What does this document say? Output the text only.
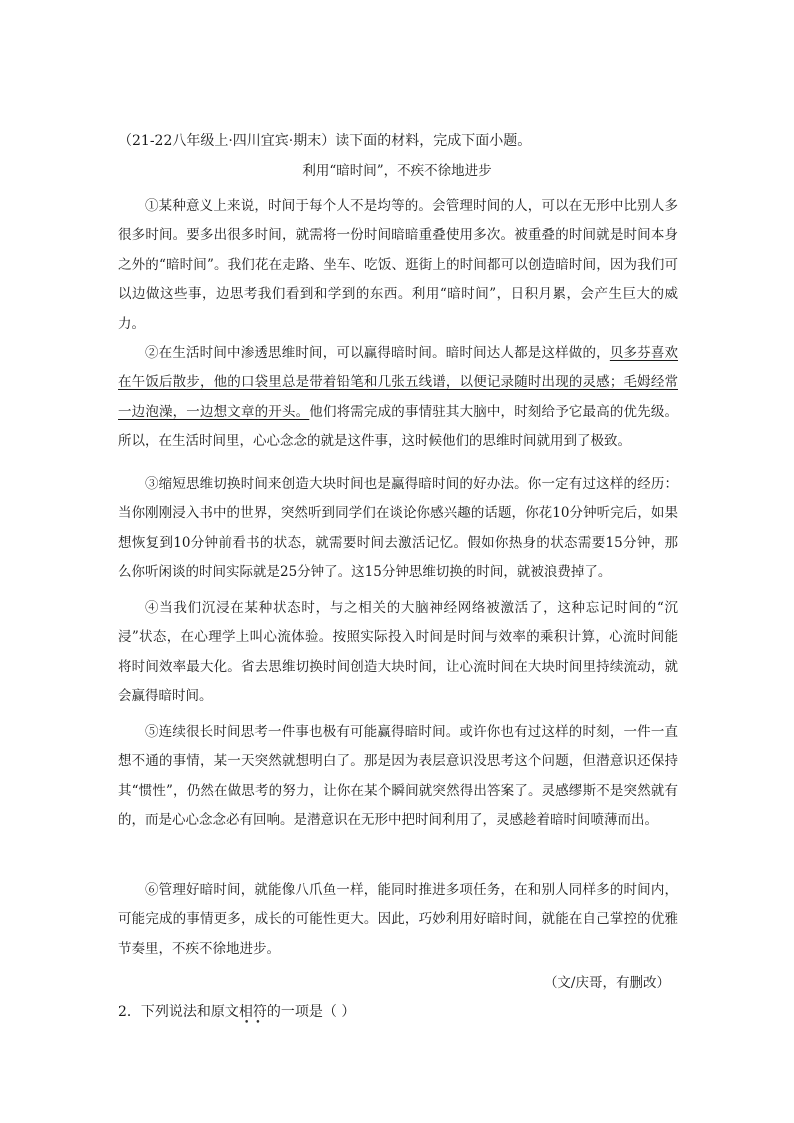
（21-22八年级上·四川宜宾·期末）读下面的材料，完成下面小题。
利用“暗时间”，不疾不徐地进步

①某种意义上来说，时间于每个人不是均等的。会管理时间的人，可以在无形中比别人多很多时间。要多出很多时间，就需将一份时间暗暗重叠使用多次。被重叠的时间就是时间本身之外的“暗时间”。我们花在走路、坐车、吃饭、逛街上的时间都可以创造暗时间，因为我们可以边做这些事，边思考我们看到和学到的东西。利用“暗时间”，日积月累，会产生巨大的威力。

②在生活时间中渗透思维时间，可以赢得暗时间。暗时间达人都是这样做的，贝多芬喜欢在午饭后散步，他的口袋里总是带着铅笔和几张五线谱，以便记录随时出现的灵感；毛姆经常一边泡澡，一边想文章的开头。他们将需完成的事情驻其大脑中，时刻给予它最高的优先级。所以，在生活时间里，心心念念的就是这件事，这时候他们的思维时间就用到了极致。

③缩短思维切换时间来创造大块时间也是赢得暗时间的好办法。你一定有过这样的经历：当你刚刚浸入书中的世界，突然听到同学们在谈论你感兴趣的话题，你花10分钟听完后，如果想恢复到10分钟前看书的状态，就需要时间去激活记忆。假如你热身的状态需要15分钟，那么你听闲谈的时间实际就是25分钟了。这15分钟思维切换的时间，就被浪费掉了。

④当我们沉浸在某种状态时，与之相关的大脑神经网络被激活了，这种忘记时间的“沉浸”状态，在心理学上叫心流体验。按照实际投入时间是时间与效率的乘积计算，心流时间能将时间效率最大化。省去思维切换时间创造大块时间，让心流时间在大块时间里持续流动，就会赢得暗时间。

⑤连续很长时间思考一件事也极有可能赢得暗时间。或许你也有过这样的时刻，一件一直想不通的事情，某一天突然就想明白了。那是因为表层意识没思考这个问题，但潜意识还保持其“惯性”，仍然在做思考的努力，让你在某个瞬间就突然得出答案了。灵感缪斯不是突然就有的，而是心心念念必有回响。是潜意识在无形中把时间利用了，灵感趁着暗时间喷薄而出。

⑥管理好暗时间，就能像八爪鱼一样，能同时推进多项任务，在和别人同样多的时间内，可能完成的事情更多，成长的可能性更大。因此，巧妙利用好暗时间，就能在自己掌控的优雅节奏里，不疾不徐地进步。

（文/庆哥，有删改）
2．下列说法和原文相符的一项是（ ）
••
